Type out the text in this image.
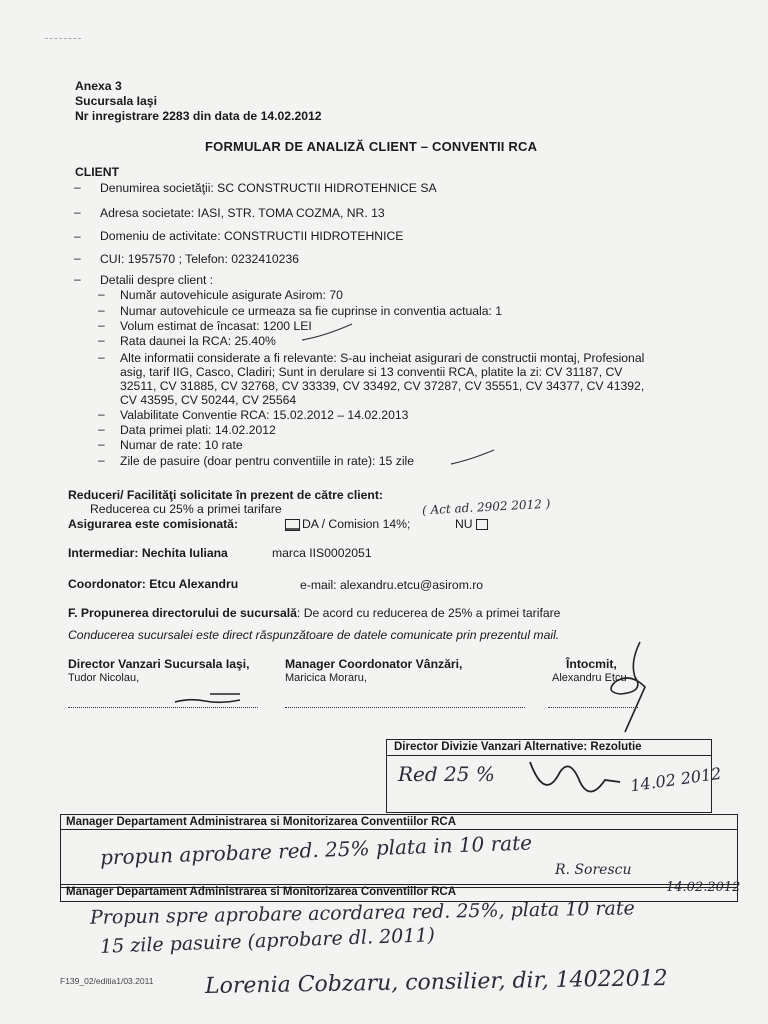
Anexa 3
Sucursala Iaşi
Nr inregistrare 2283 din data de 14.02.2012
FORMULAR DE ANALIZĂ CLIENT – CONVENTII RCA
CLIENT
– Denumirea societăţii: SC CONSTRUCTII HIDROTEHNICE SA
– Adresa societate: IASI, STR. TOMA COZMA, NR. 13
– Domeniu de activitate: CONSTRUCTII HIDROTEHNICE
– CUI: 1957570 ; Telefon: 0232410236
– Detalii despre client :
– Număr autovehicule asigurate Asirom: 70
– Numar autovehicule ce urmeaza sa fie cuprinse in conventia actuala: 1
– Volum estimat de încasat: 1200 LEI
– Rata daunei la RCA: 25.40%
– Alte informatii considerate a fi relevante: S-au incheiat asigurari de constructii montaj, Profesional
asig, tarif IIG, Casco, Cladiri; Sunt in derulare si 13 conventii RCA, platite la zi: CV 31187, CV
32511, CV 31885, CV 32768, CV 33339, CV 33492, CV 37287, CV 35551, CV 34377, CV 41392,
CV 43595, CV 50244, CV 25564
– Valabilitate Conventie RCA: 15.02.2012 – 14.02.2013
– Data primei plati: 14.02.2012
– Numar de rate: 10 rate
– Zile de pasuire (doar pentru conventiile in rate): 15 zile
Reduceri/ Facilităţi solicitate în prezent de către client:
Reducerea cu 25% a primei tarifare	( Act ad. 2902 2012 )
Asigurarea este comisionată:	DA / Comision 14%;	NU
Intermediar: Nechita Iuliana	marca IIS0002051
Coordonator: Etcu Alexandru	e-mail: alexandru.etcu@asirom.ro
F. Propunerea directorului de sucursală: De acord cu reducerea de 25% a primei tarifare
Conducerea sucursalei este direct răspunzătoare de datele comunicate prin prezentul mail.
Director Vanzari Sucursala Iaşi,
Tudor Nicolau,
Manager Coordonator Vânzări,
Maricica Moraru,
Întocmit,
Alexandru Etcu
Director Divizie Vanzari Alternative: Rezolutie
Red 25 %	14.02 2012
Manager Departament Administrarea si Monitorizarea Conventiilor RCA
propun aprobare red. 25% plata in 10 rate
R. Sorescu
Manager Departament Administrarea si Monitorizarea Conventiilor RCA	14.02.2012
Propun spre aprobare acordarea red. 25%, plata 10 rate
15 zile pasuire (aprobare dl. 2011)
Lorenia Cobzaru, consilier, dir, 14022012
F139_02/editia1/03.2011
